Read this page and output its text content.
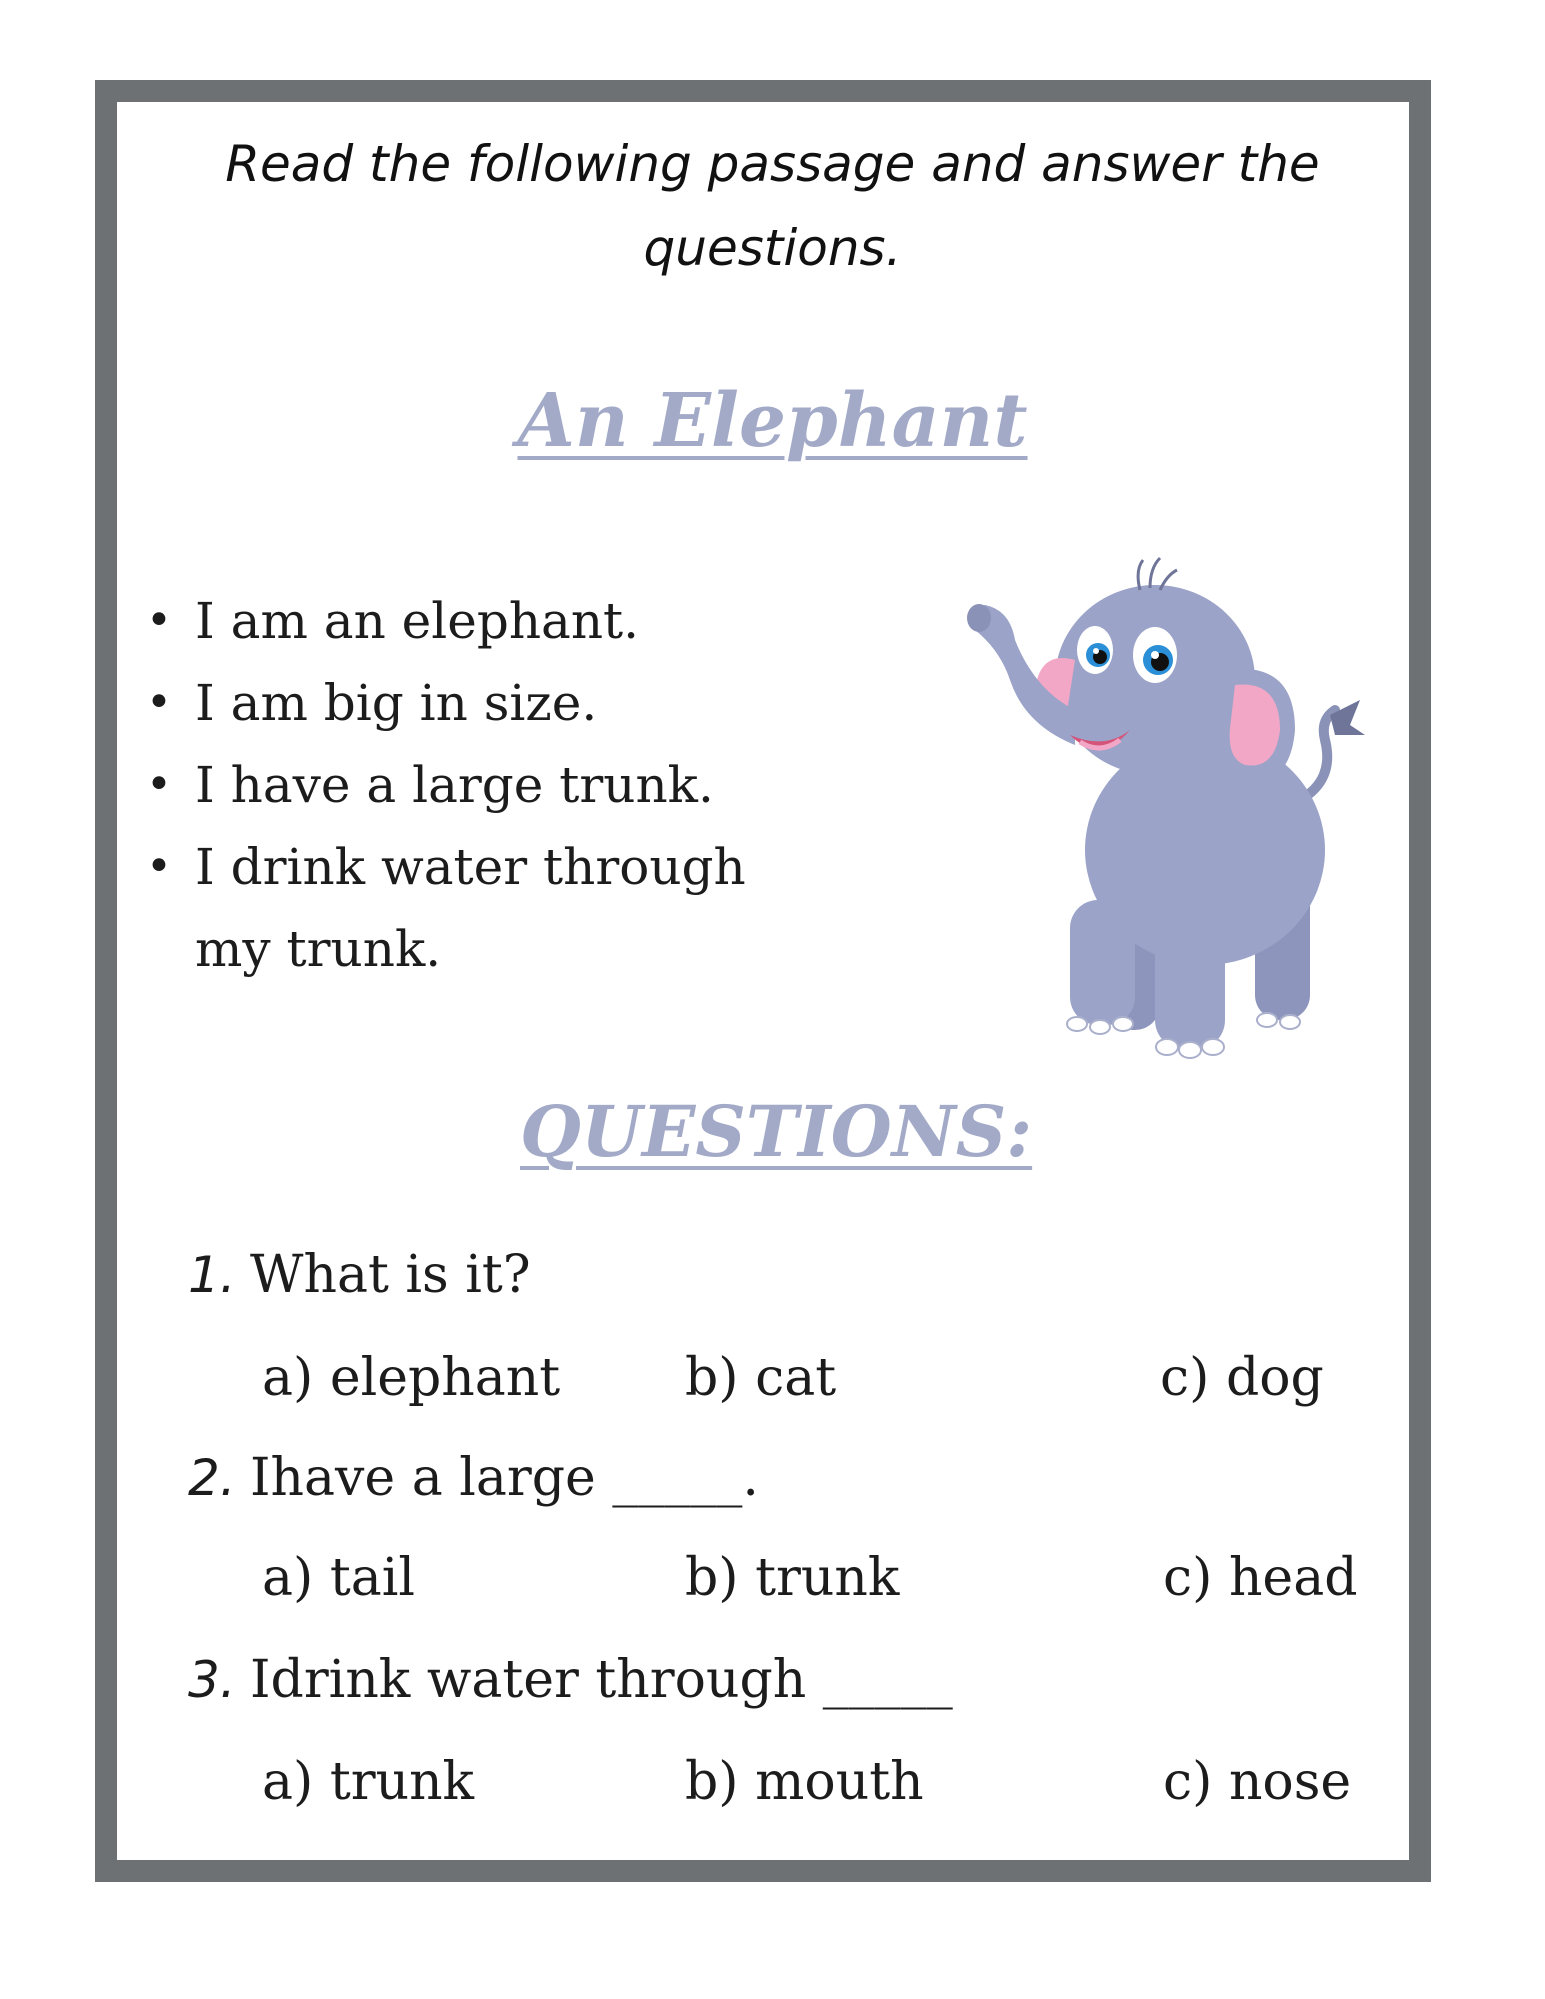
Read the following passage and answer the questions.

An Elephant
• I am an elephant.
• I am big in size.
• I have a large trunk.
• I drink water through my trunk.
QUESTIONS:
1. What is it?
a) elephant b) cat	c) dog
2. Ihave a large _____.
a) tail	b) trunk	c) head
3. Idrink water through _____
a) trunk	b) mouth	c) nose
